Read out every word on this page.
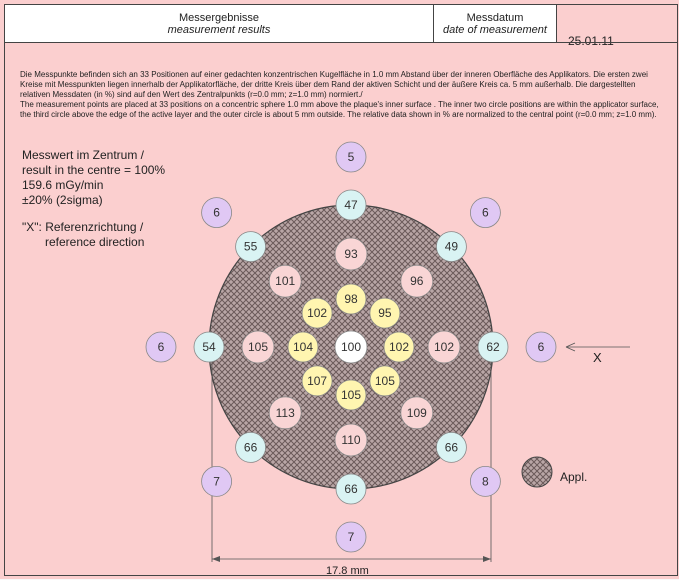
Messergebnisse
measurement results
Messdatum
date of measurement
25.01.11

Die Messpunkte befinden sich an 33 Positionen auf einer gedachten konzentrischen Kugelfläche in 1.0 mm Abstand über der inneren Oberfläche des Applikators. Die ersten zwei Kreise mit Messpunkten liegen innerhalb der Applikatorfläche, der dritte Kreis über dem Rand der aktiven Schicht und der äußere Kreis ca. 5 mm außerhalb. Die dargestellten relativen Messdaten (in %) sind auf den Wert des Zentralpunkts (r=0.0 mm; z=1.0 mm) normiert./

The measurement points are placed at 33 positions on a concentric sphere 1.0 mm above the plaque's inner surface . The inner two circle positions are within the applicator surface, the third circle above the edge of the active layer and the outer circle is about 5 mm outside. The relative data shown in % are normalized to the central point (r=0.0 mm; z=1.0 mm).

Messwert im Zentrum /
result in the centre = 100%
159.6 mGy/min
±20% (2sigma)
"X": Referenzrichtung /
reference direction
100
98
95
102
105
105
107
104
102
93
96
102
109
110
113
105
101
47
49
62
66
66
66
54
55
5
6
6
8
7
7
6
6
Appl.
X
17.8 mm
